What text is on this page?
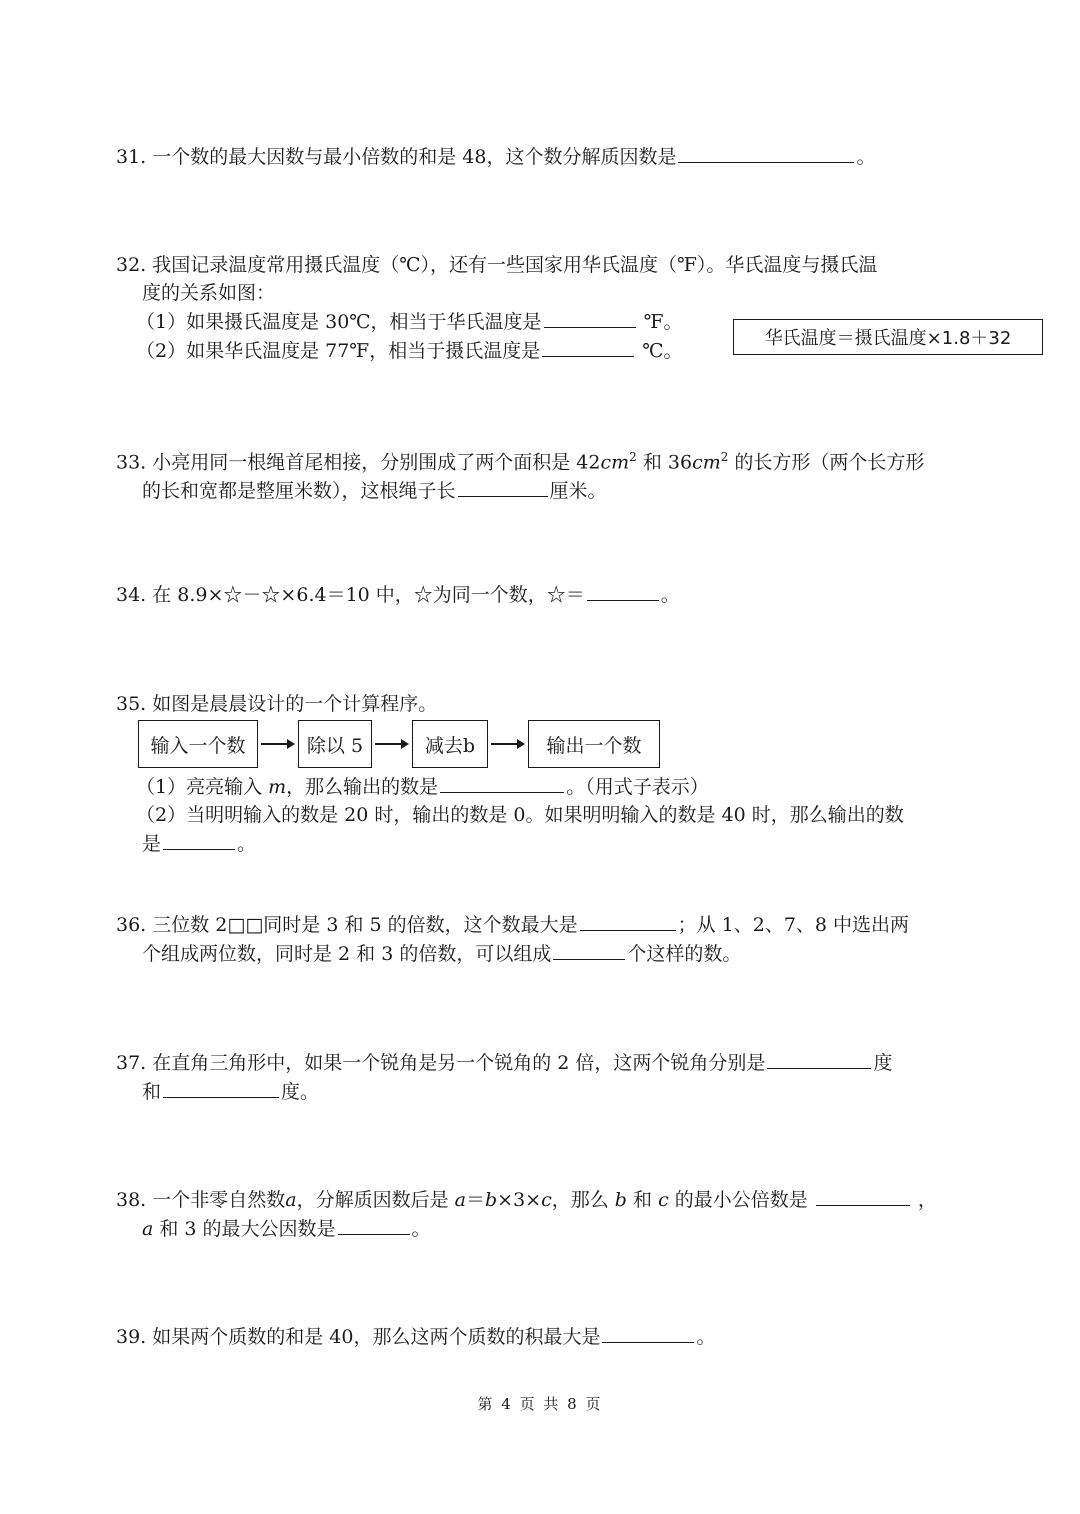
31. 一个数的最大因数与最小倍数的和是 48，这个数分解质因数是	。
32. 我国记录温度常用摄氏温度（℃），还有一些国家用华氏温度（℉）。华氏温度与摄氏温
度的关系如图：
（1）如果摄氏温度是 30℃，相当于华氏温度是	℉。
（2）如果华氏温度是 77℉，相当于摄氏温度是	℃。
华氏温度＝摄氏温度×1.8＋32
33. 小亮用同一根绳首尾相接，分别围成了两个面积是 $42cm^2$ 和 $36cm^2$ 的长方形（两个长方形
的长和宽都是整厘米数），这根绳子长	厘米。
34. 在 8.9×☆－☆×6.4＝10 中，☆为同一个数，☆＝	。
35. 如图是晨晨设计的一个计算程序。
输入一个数	除以 5	减去b	输出一个数
（1）亮亮输入 m，那么输出的数是	。（用式子表示）
（2）当明明输入的数是 20 时，输出的数是 0。如果明明输入的数是 40 时，那么输出的数
是	。
36. 三位数 2□□同时是 3 和 5 的倍数，这个数最大是	；从 1、2、7、8 中选出两
个组成两位数，同时是 2 和 3 的倍数，可以组成	个这样的数。
37. 在直角三角形中，如果一个锐角是另一个锐角的 2 倍，这两个锐角分别是	度
和	度。
38. 一个非零自然数a，分解质因数后是 a＝b×3×c，那么 b 和 c 的最小公倍数是	，
a 和 3 的最大公因数是	。
39. 如果两个质数的和是 40，那么这两个质数的积最大是	。
第 4 页 共 8 页
